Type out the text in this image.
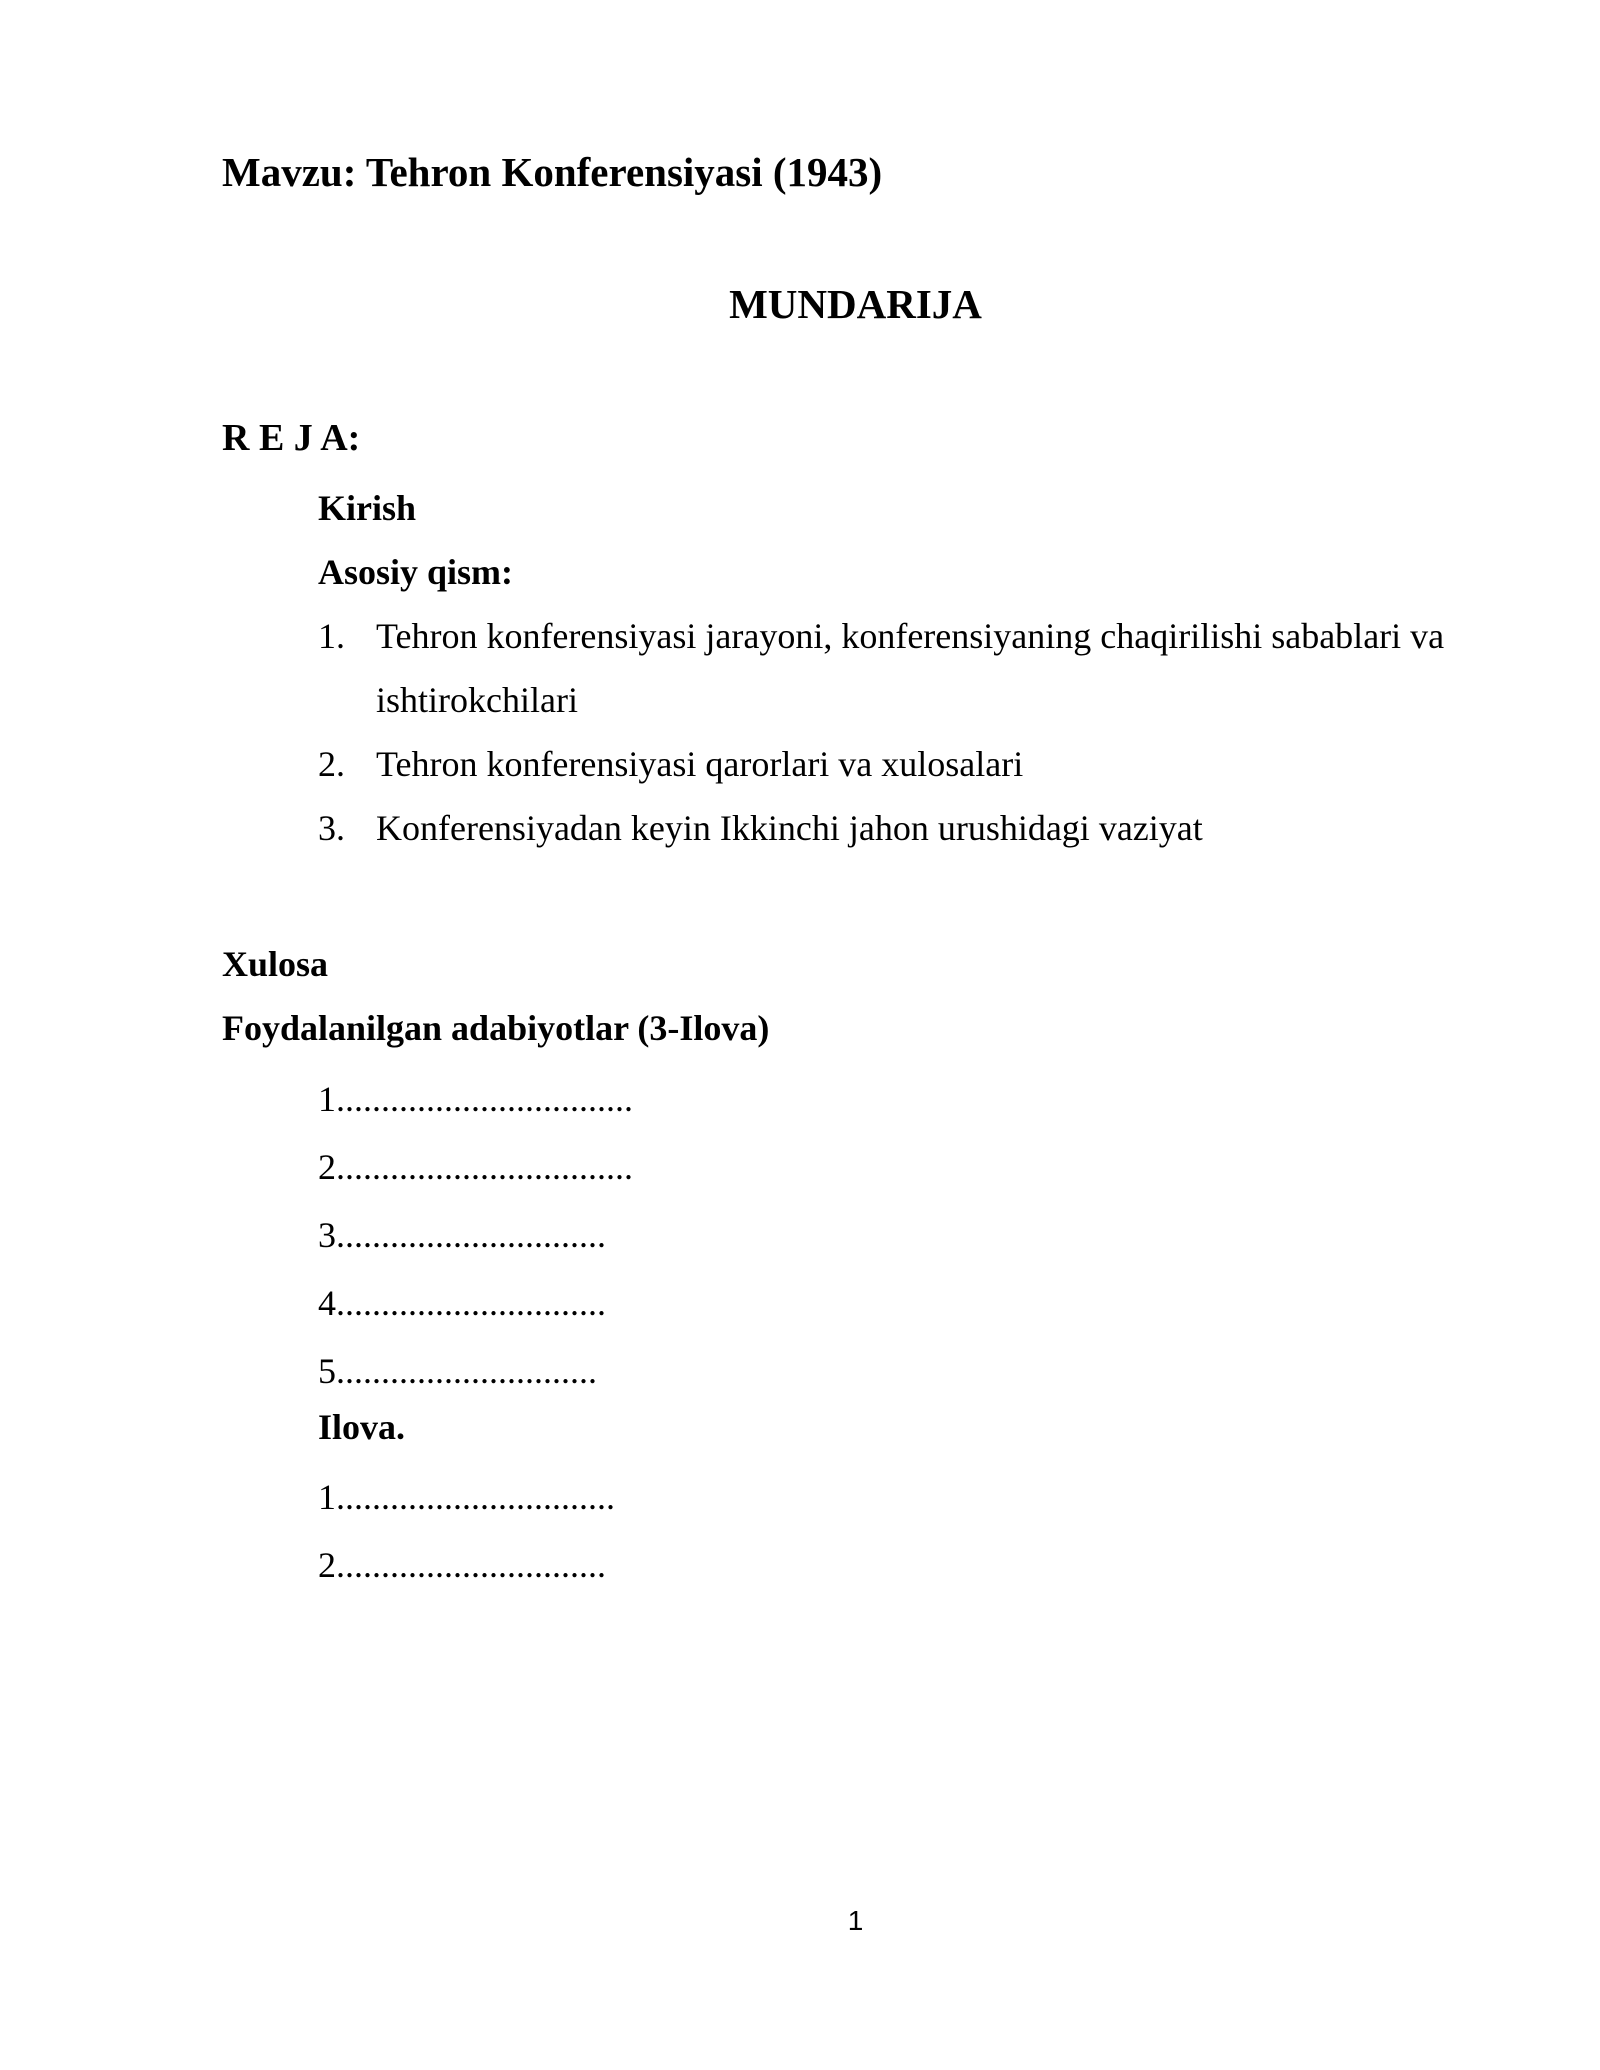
Mavzu: Tehron Konferensiyasi (1943)

MUNDARIJA

R E J A:

Kirish

Asosiy qism:

1. Tehron konferensiyasi jarayoni, konferensiyaning chaqirilishi sabablari va ishtirokchilari
2. Tehron konferensiyasi qarorlari va xulosalari
3. Konferensiyadan keyin Ikkinchi jahon urushidagi vaziyat

Xulosa

Foydalanilgan adabiyotlar (3-Ilova)

1.................................

2.................................

3..............................

4..............................

5.............................

Ilova.

1...............................

2..............................

1
